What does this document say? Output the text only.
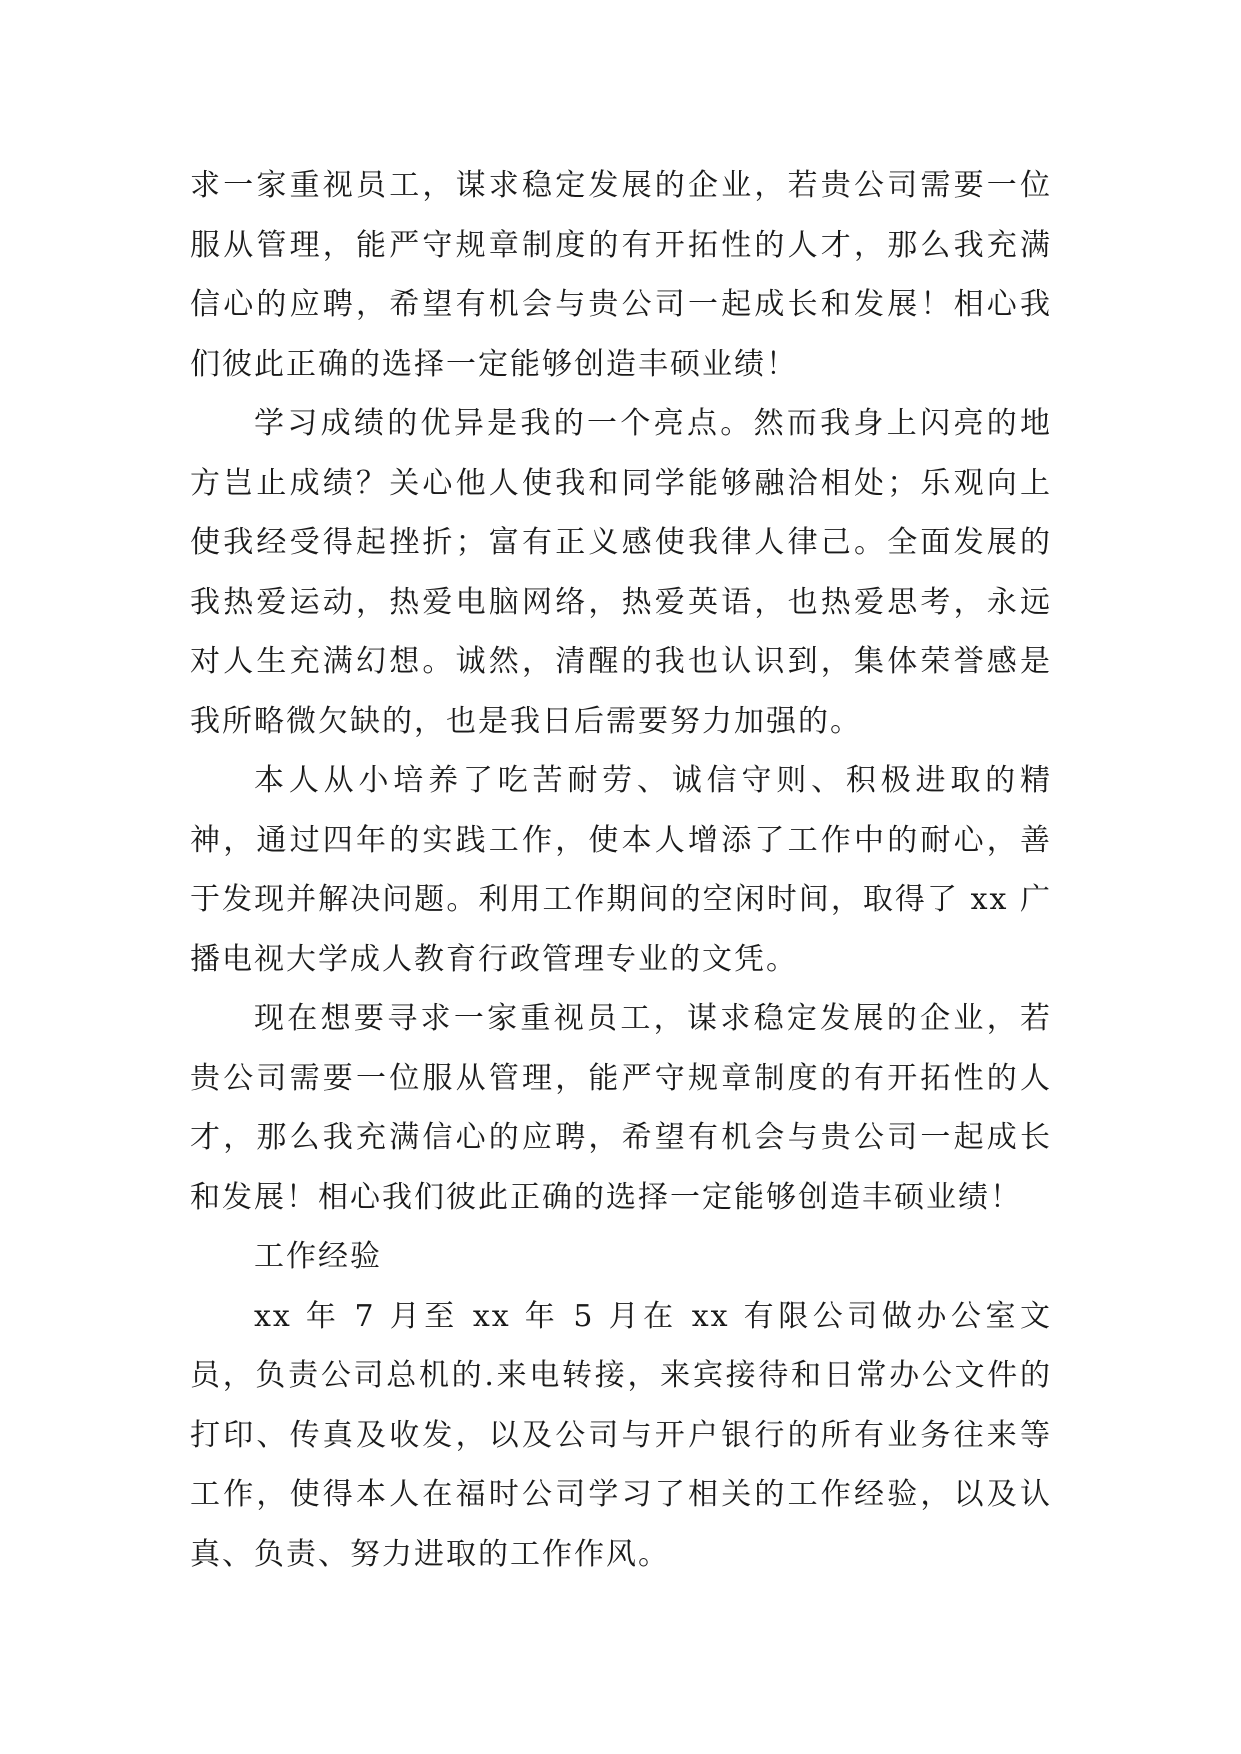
求一家重视员工，谋求稳定发展的企业，若贵公司需要一位服从管理，能严守规章制度的有开拓性的人才，那么我充满信心的应聘，希望有机会与贵公司一起成长和发展！相心我们彼此正确的选择一定能够创造丰硕业绩！

学习成绩的优异是我的一个亮点。然而我身上闪亮的地方岂止成绩？关心他人使我和同学能够融洽相处；乐观向上使我经受得起挫折；富有正义感使我律人律己。全面发展的我热爱运动，热爱电脑网络，热爱英语，也热爱思考，永远对人生充满幻想。诚然，清醒的我也认识到，集体荣誉感是我所略微欠缺的，也是我日后需要努力加强的。

本人从小培养了吃苦耐劳、诚信守则、积极进取的精神，通过四年的实践工作，使本人增添了工作中的耐心，善于发现并解决问题。利用工作期间的空闲时间，取得了 xx 广播电视大学成人教育行政管理专业的文凭。

现在想要寻求一家重视员工，谋求稳定发展的企业，若贵公司需要一位服从管理，能严守规章制度的有开拓性的人才，那么我充满信心的应聘，希望有机会与贵公司一起成长和发展！相心我们彼此正确的选择一定能够创造丰硕业绩！

工作经验

xx 年 7 月至 xx 年 5 月在 xx 有限公司做办公室文员，负责公司总机的.来电转接，来宾接待和日常办公文件的打印、传真及收发，以及公司与开户银行的所有业务往来等工作，使得本人在福时公司学习了相关的工作经验，以及认真、负责、努力进取的工作作风。
